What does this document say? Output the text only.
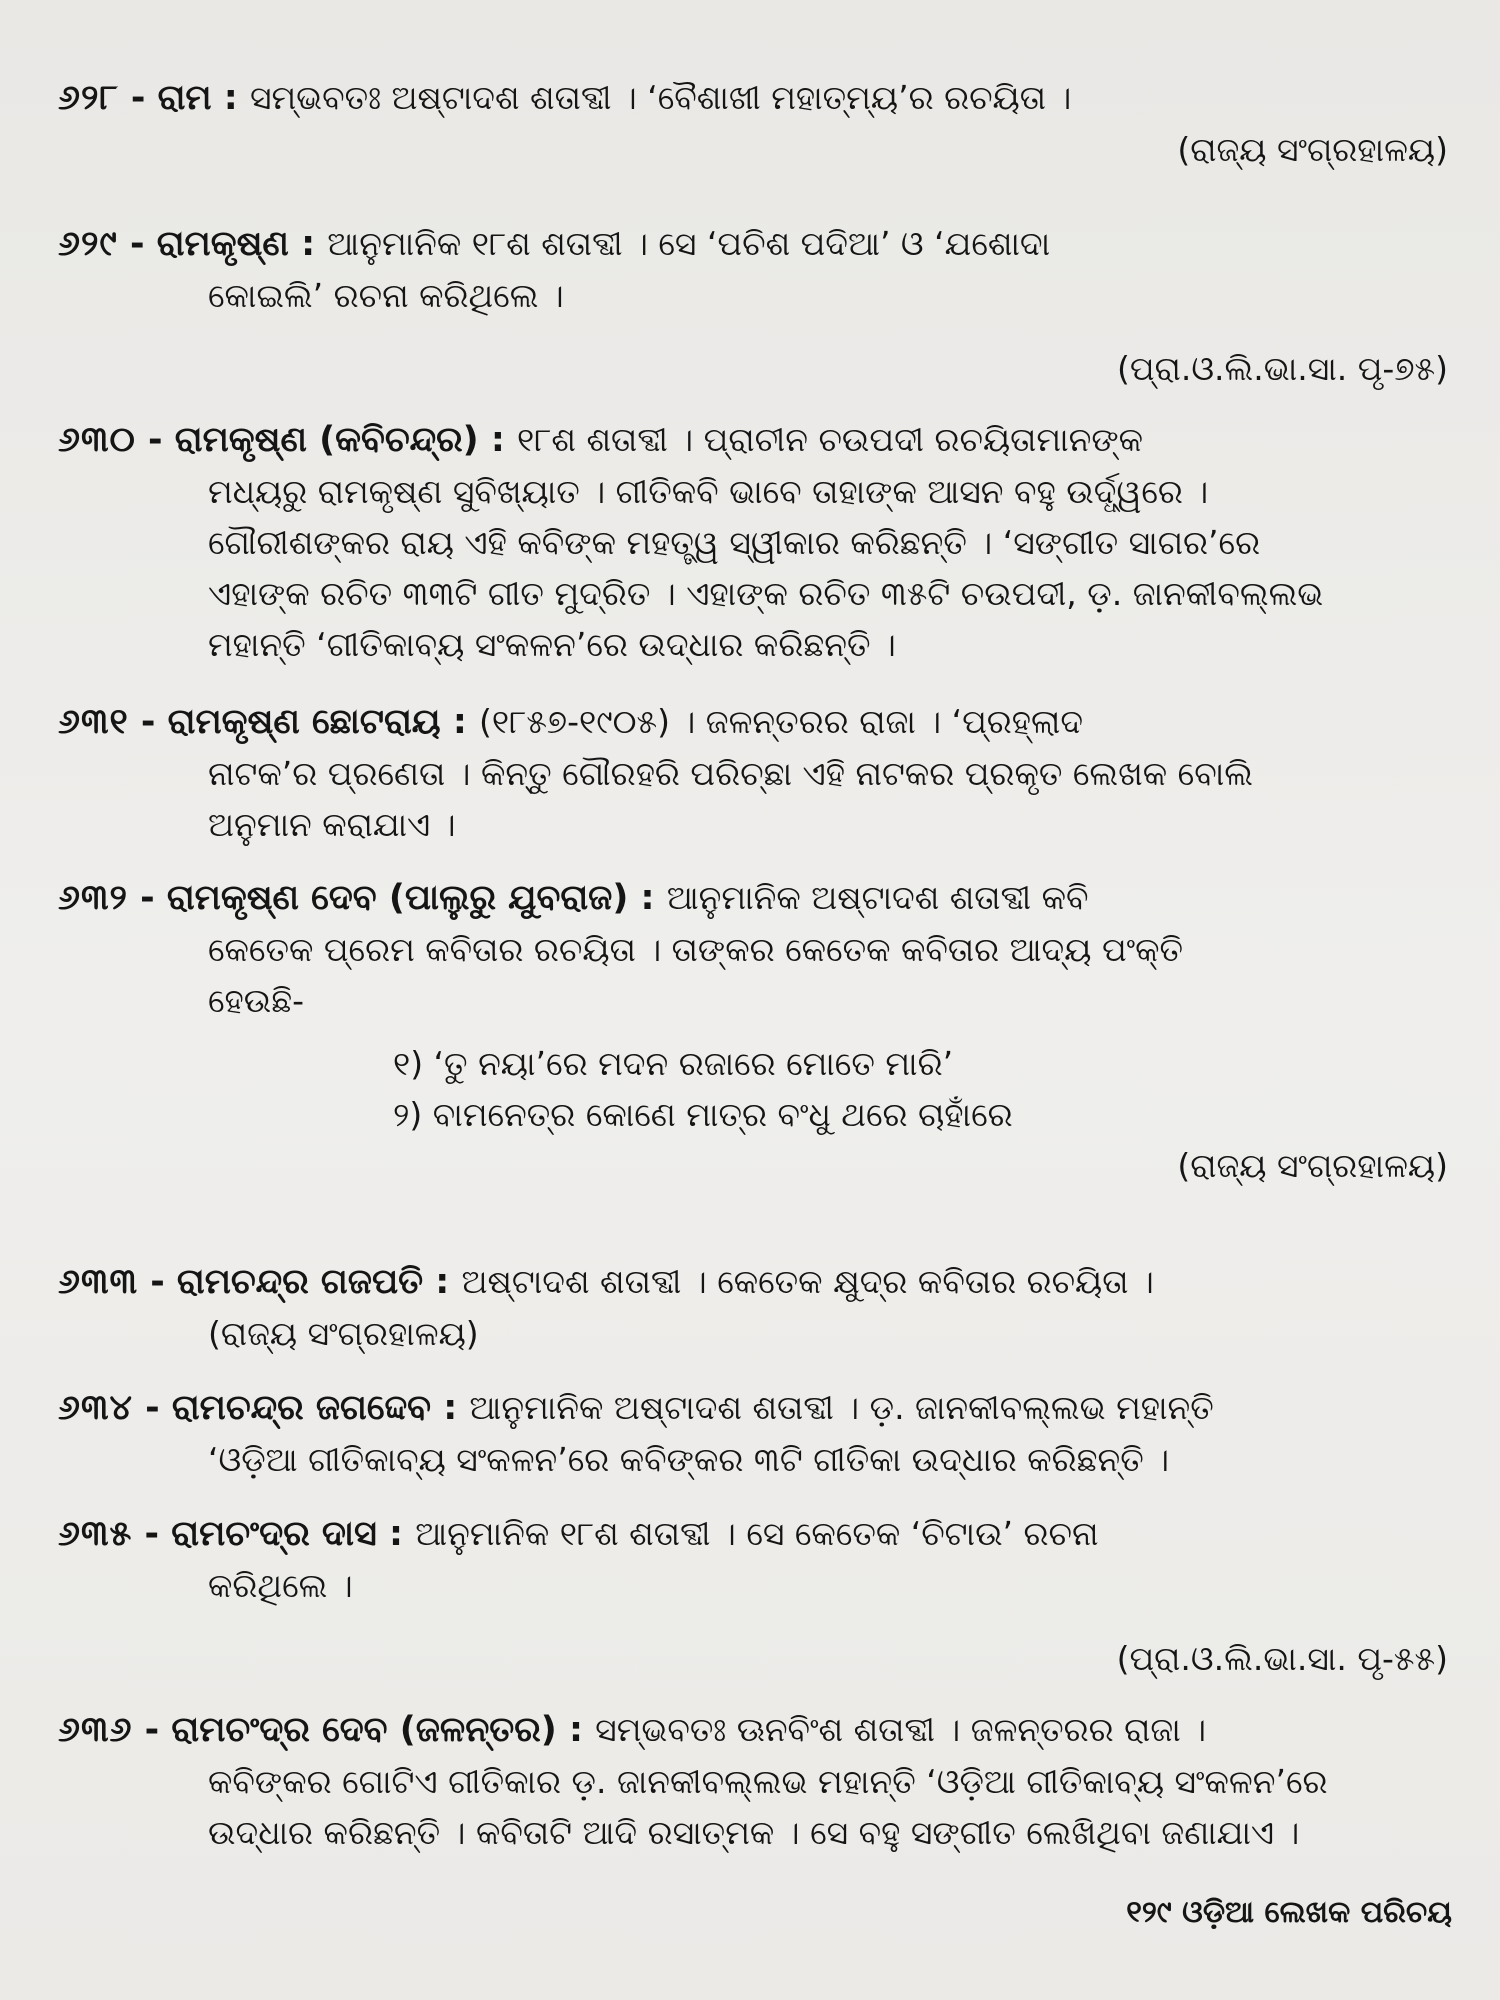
୬୨୮ - ରାମ : ସମ୍ଭବତଃ ଅଷ୍ଟାଦଶ ଶତାବ୍ଦୀ । ‘ବୈଶାଖୀ ମହାତ୍ମ୍ୟ’ର ରଚୟିତା ।
(ରାଜ୍ୟ ସଂଗ୍ରହାଳୟ)
୬୨୯ - ରାମକୃଷ୍ଣ : ଆନୁମାନିକ ୧୮ଶ ଶତାବ୍ଦୀ । ସେ ‘ପଚିଶ ପଦିଆ’ ଓ ‘ଯଶୋଦା
କୋଇଲି’ ରଚନା କରିଥିଲେ ।
(ପ୍ରା.ଓ.ଲି.ଭା.ସା. ପୃ-୭୫)
୬୩୦ - ରାମକୃଷ୍ଣ (କବିଚନ୍ଦ୍ର) : ୧୮ଶ ଶତାବ୍ଦୀ । ପ୍ରାଚୀନ ଚଉପଦୀ ରଚୟିତାମାନଙ୍କ
ମଧ୍ୟରୁ ରାମକୃଷ୍ଣ ସୁବିଖ୍ୟାତ । ଗୀତିକବି ଭାବେ ତାହାଙ୍କ ଆସନ ବହୁ ଉର୍ଦ୍ଧ୍ୱରେ ।
ଗୌରୀଶଙ୍କର ରାୟ ଏହି କବିଙ୍କ ମହତ୍ତ୍ୱ ସ୍ୱୀକାର କରିଛନ୍ତି । ‘ସଙ୍ଗୀତ ସାଗର’ରେ
ଏହାଙ୍କ ରଚିତ ୩୩ଟି ଗୀତ ମୁଦ୍ରିତ । ଏହାଙ୍କ ରଚିତ ୩୫ଟି ଚଉପଦୀ, ଡ଼. ଜାନକୀବଲ୍ଲଭ
ମହାନ୍ତି ‘ଗୀତିକାବ୍ୟ ସଂକଳନ’ରେ ଉଦ୍ଧାର କରିଛନ୍ତି ।
୬୩୧ - ରାମକୃଷ୍ଣ ଛୋଟରାୟ : (୧୮୫୭-୧୯୦୫) । ଜଳନ୍ତରର ରାଜା । ‘ପ୍ରହ୍ଲାଦ
ନାଟକ’ର ପ୍ରଣେତା । କିନ୍ତୁ ଗୌରହରି ପରିଚ୍ଛା ଏହି ନାଟକର ପ୍ରକୃତ ଲେଖକ ବୋଲି
ଅନୁମାନ କରାଯାଏ ।
୬୩୨ - ରାମକୃଷ୍ଣ ଦେବ (ପାଲୁରୁ ଯୁବରାଜ) : ଆନୁମାନିକ ଅଷ୍ଟାଦଶ ଶତାବ୍ଦୀ କବି
କେତେକ ପ୍ରେମ କବିତାର ରଚୟିତା । ତାଙ୍କର କେତେକ କବିତାର ଆଦ୍ୟ ପଂକ୍ତି
ହେଉଛି-
୧) ‘ତୁ ନୟା’ରେ ମଦନ ରଜାରେ ମୋତେ ମାରି’
୨) ବାମନେତ୍ର କୋଣେ ମାତ୍ର ବଂଧୁ ଥରେ ଚାହାଁରେ
(ରାଜ୍ୟ ସଂଗ୍ରହାଳୟ)
୬୩୩ - ରାମଚନ୍ଦ୍ର ଗଜପତି : ଅଷ୍ଟାଦଶ ଶତାବ୍ଦୀ । କେତେକ କ୍ଷୁଦ୍ର କବିତାର ରଚୟିତା ।
(ରାଜ୍ୟ ସଂଗ୍ରହାଳୟ)
୬୩୪ - ରାମଚନ୍ଦ୍ର ଜଗଦ୍ଦେବ : ଆନୁମାନିକ ଅଷ୍ଟାଦଶ ଶତାବ୍ଦୀ । ଡ଼. ଜାନକୀବଲ୍ଲଭ ମହାନ୍ତି
‘ଓଡ଼ିଆ ଗୀତିକାବ୍ୟ ସଂକଳନ’ରେ କବିଙ୍କର ୩ଟି ଗୀତିକା ଉଦ୍ଧାର କରିଛନ୍ତି ।
୬୩୫ - ରାମଚଂଦ୍ର ଦାସ : ଆନୁମାନିକ ୧୮ଶ ଶତାବ୍ଦୀ । ସେ କେତେକ ‘ଚିଟାଉ’ ରଚନା
କରିଥିଲେ ।
(ପ୍ରା.ଓ.ଲି.ଭା.ସା. ପୃ-୫୫)
୬୩୬ - ରାମଚଂଦ୍ର ଦେବ (ଜଳନ୍ତର) : ସମ୍ଭବତଃ ଊନବିଂଶ ଶତାବ୍ଦୀ । ଜଳନ୍ତରର ରାଜା ।
କବିଙ୍କର ଗୋଟିଏ ଗୀତିକାର ଡ଼. ଜାନକୀବଲ୍ଲଭ ମହାନ୍ତି ‘ଓଡ଼ିଆ ଗୀତିକାବ୍ୟ ସଂକଳନ’ରେ
ଉଦ୍ଧାର କରିଛନ୍ତି । କବିତାଟି ଆଦି ରସାତ୍ମକ । ସେ ବହୁ ସଙ୍ଗୀତ ଲେଖିଥିବା ଜଣାଯାଏ ।
୧୨୯ ଓଡ଼ିଆ ଲେଖକ ପରିଚୟ
